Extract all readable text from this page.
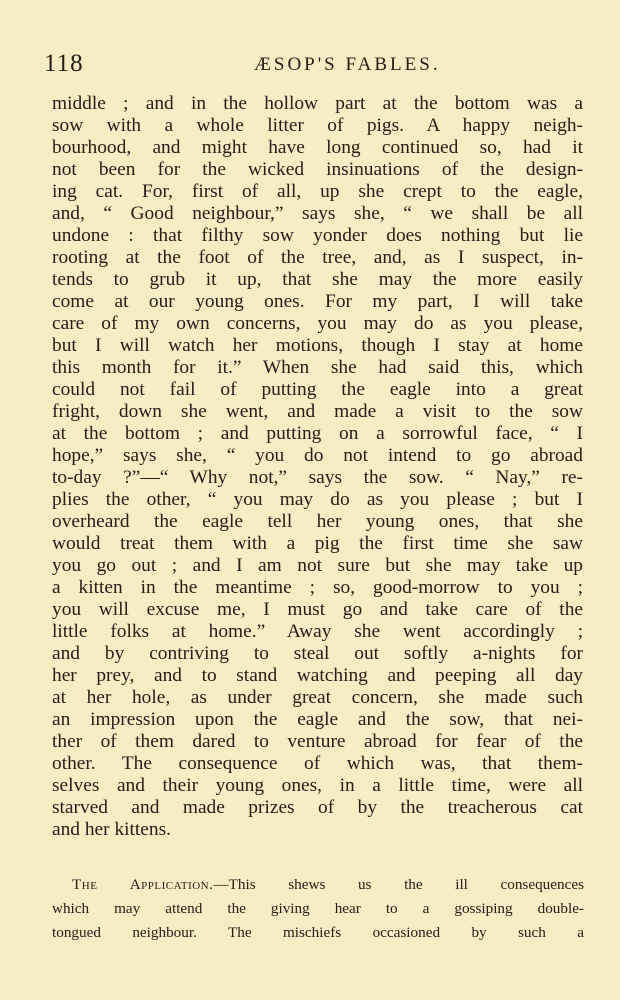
118	ÆSOP'S FABLES.
middle ; and in the hollow part at the bottom was a
sow with a whole litter of pigs. A happy neigh-
bourhood, and might have long continued so, had it
not been for the wicked insinuations of the design-
ing cat. For, first of all, up she crept to the eagle,
and, “ Good neighbour,” says she, “ we shall be all
undone : that filthy sow yonder does nothing but lie
rooting at the foot of the tree, and, as I suspect, in-
tends to grub it up, that she may the more easily
come at our young ones. For my part, I will take
care of my own concerns, you may do as you please,
but I will watch her motions, though I stay at home
this month for it.” When she had said this, which
could not fail of putting the eagle into a great
fright, down she went, and made a visit to the sow
at the bottom ; and putting on a sorrowful face, “ I
hope,” says she, “ you do not intend to go abroad
to-day ?”—“ Why not,” says the sow. “ Nay,” re-
plies the other, “ you may do as you please ; but I
overheard the eagle tell her young ones, that she
would treat them with a pig the first time she saw
you go out ; and I am not sure but she may take up
a kitten in the meantime ; so, good-morrow to you ;
you will excuse me, I must go and take care of the
little folks at home.” Away she went accordingly ;
and by contriving to steal out softly a-nights for
her prey, and to stand watching and peeping all day
at her hole, as under great concern, she made such
an impression upon the eagle and the sow, that nei-
ther of them dared to venture abroad for fear of the
other. The consequence of which was, that them-
selves and their young ones, in a little time, were all
starved and made prizes of by the treacherous cat
and her kittens.
The Application.—This shews us the ill consequences
which may attend the giving hear to a gossiping double-
tongued neighbour. The mischiefs occasioned by such a
